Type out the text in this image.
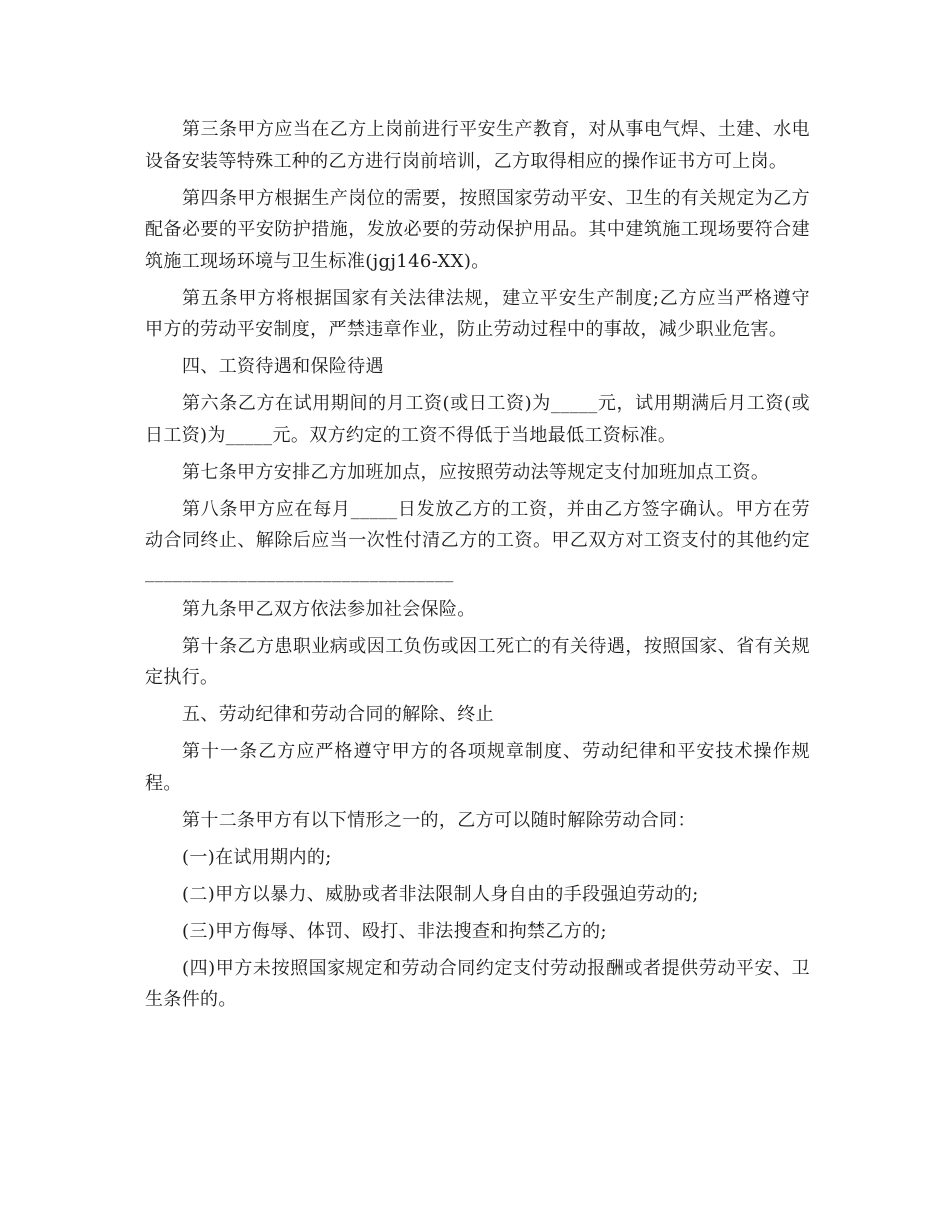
第三条甲方应当在乙方上岗前进行平安生产教育，对从事电气焊、土建、水电设备安装等特殊工种的乙方进行岗前培训，乙方取得相应的操作证书方可上岗。

第四条甲方根据生产岗位的需要，按照国家劳动平安、卫生的有关规定为乙方配备必要的平安防护措施，发放必要的劳动保护用品。其中建筑施工现场要符合建筑施工现场环境与卫生标准(jgj146-XX)。

第五条甲方将根据国家有关法律法规，建立平安生产制度;乙方应当严格遵守甲方的劳动平安制度，严禁违章作业，防止劳动过程中的事故，减少职业危害。

四、工资待遇和保险待遇

第六条乙方在试用期间的月工资(或日工资)为_____元，试用期满后月工资(或日工资)为_____元。双方约定的工资不得低于当地最低工资标准。

第七条甲方安排乙方加班加点，应按照劳动法等规定支付加班加点工资。

第八条甲方应在每月_____日发放乙方的工资，并由乙方签字确认。甲方在劳动合同终止、解除后应当一次性付清乙方的工资。甲乙双方对工资支付的其他约定_________________________________

第九条甲乙双方依法参加社会保险。

第十条乙方患职业病或因工负伤或因工死亡的有关待遇，按照国家、省有关规定执行。

五、劳动纪律和劳动合同的解除、终止

第十一条乙方应严格遵守甲方的各项规章制度、劳动纪律和平安技术操作规程。

第十二条甲方有以下情形之一的，乙方可以随时解除劳动合同：

(一)在试用期内的;

(二)甲方以暴力、威胁或者非法限制人身自由的手段强迫劳动的;

(三)甲方侮辱、体罚、殴打、非法搜查和拘禁乙方的;

(四)甲方未按照国家规定和劳动合同约定支付劳动报酬或者提供劳动平安、卫生条件的。
